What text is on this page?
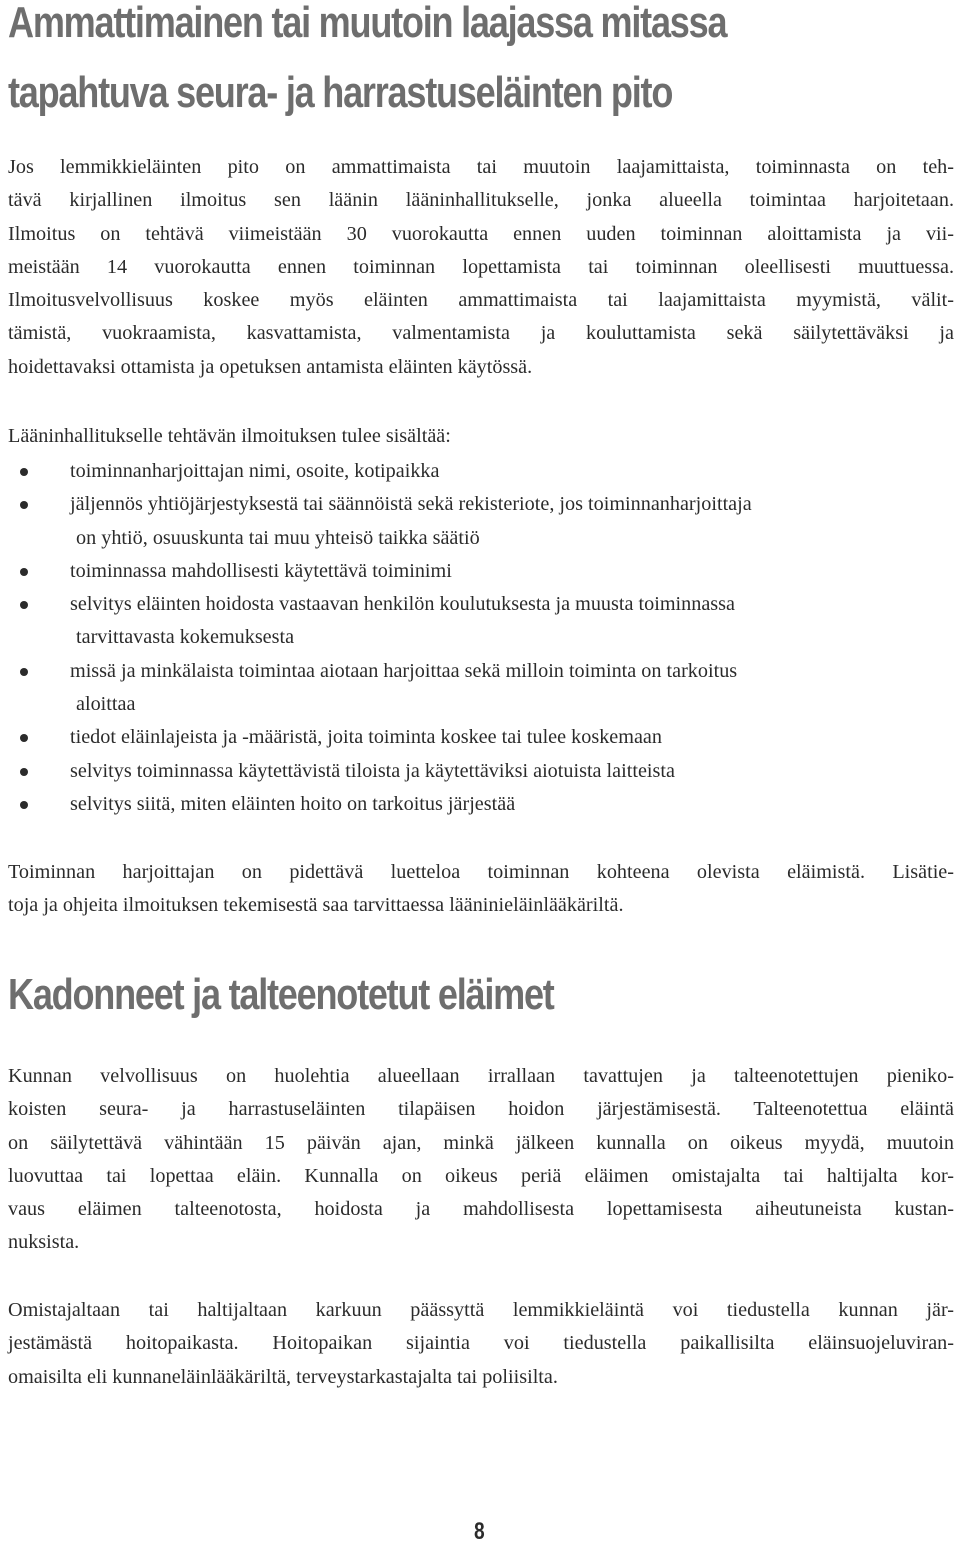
Ammattimainen tai muutoin laajassa mitassa
tapahtuva seura- ja harrastuseläinten pito

Jos lemmikkieläinten pito on ammattimaista tai muutoin laajamittaista, toiminnasta on teh-
tävä kirjallinen ilmoitus sen läänin lääninhallitukselle, jonka alueella toimintaa harjoitetaan.
Ilmoitus on tehtävä viimeistään 30 vuorokautta ennen uuden toiminnan aloittamista ja vii-
meistään 14 vuorokautta ennen toiminnan lopettamista tai toiminnan oleellisesti muuttuessa.
Ilmoitusvelvollisuus koskee myös eläinten ammattimaista tai laajamittaista myymistä, välit-
tämistä, vuokraamista, kasvattamista, valmentamista ja kouluttamista sekä säilytettäväksi ja
hoidettavaksi ottamista ja opetuksen antamista eläinten käytössä.

Lääninhallitukselle tehtävän ilmoituksen tulee sisältää:

toiminnanharjoittajan nimi, osoite, kotipaikka
jäljennös yhtiöjärjestyksestä tai säännöistä sekä rekisteriote, jos toiminnanharjoittaja
on yhtiö, osuuskunta tai muu yhteisö taikka säätiö
toiminnassa mahdollisesti käytettävä toiminimi
selvitys eläinten hoidosta vastaavan henkilön koulutuksesta ja muusta toiminnassa
tarvittavasta kokemuksesta
missä ja minkälaista toimintaa aiotaan harjoittaa sekä milloin toiminta on tarkoitus
aloittaa
tiedot eläinlajeista ja -määristä, joita toiminta koskee tai tulee koskemaan
selvitys toiminnassa käytettävistä tiloista ja käytettäviksi aiotuista laitteista
selvitys siitä, miten eläinten hoito on tarkoitus järjestää

Toiminnan harjoittajan on pidettävä luetteloa toiminnan kohteena olevista eläimistä. Lisätie-
toja ja ohjeita ilmoituksen tekemisestä saa tarvittaessa lääninieläinlääkäriltä.

Kadonneet ja talteenotetut eläimet

Kunnan velvollisuus on huolehtia alueellaan irrallaan tavattujen ja talteenotettujen pieniko-
koisten seura- ja harrastuseläinten tilapäisen hoidon järjestämisestä. Talteenotettua eläintä
on säilytettävä vähintään 15 päivän ajan, minkä jälkeen kunnalla on oikeus myydä, muutoin
luovuttaa tai lopettaa eläin. Kunnalla on oikeus periä eläimen omistajalta tai haltijalta kor-
vaus eläimen talteenotosta, hoidosta ja mahdollisesta lopettamisesta aiheutuneista kustan-
nuksista.

Omistajaltaan tai haltijaltaan karkuun päässyttä lemmikkieläintä voi tiedustella kunnan jär-
jestämästä hoitopaikasta. Hoitopaikan sijaintia voi tiedustella paikallisilta eläinsuojeluviran-
omaisilta eli kunnaneläinlääkäriltä, terveystarkastajalta tai poliisilta.

8
